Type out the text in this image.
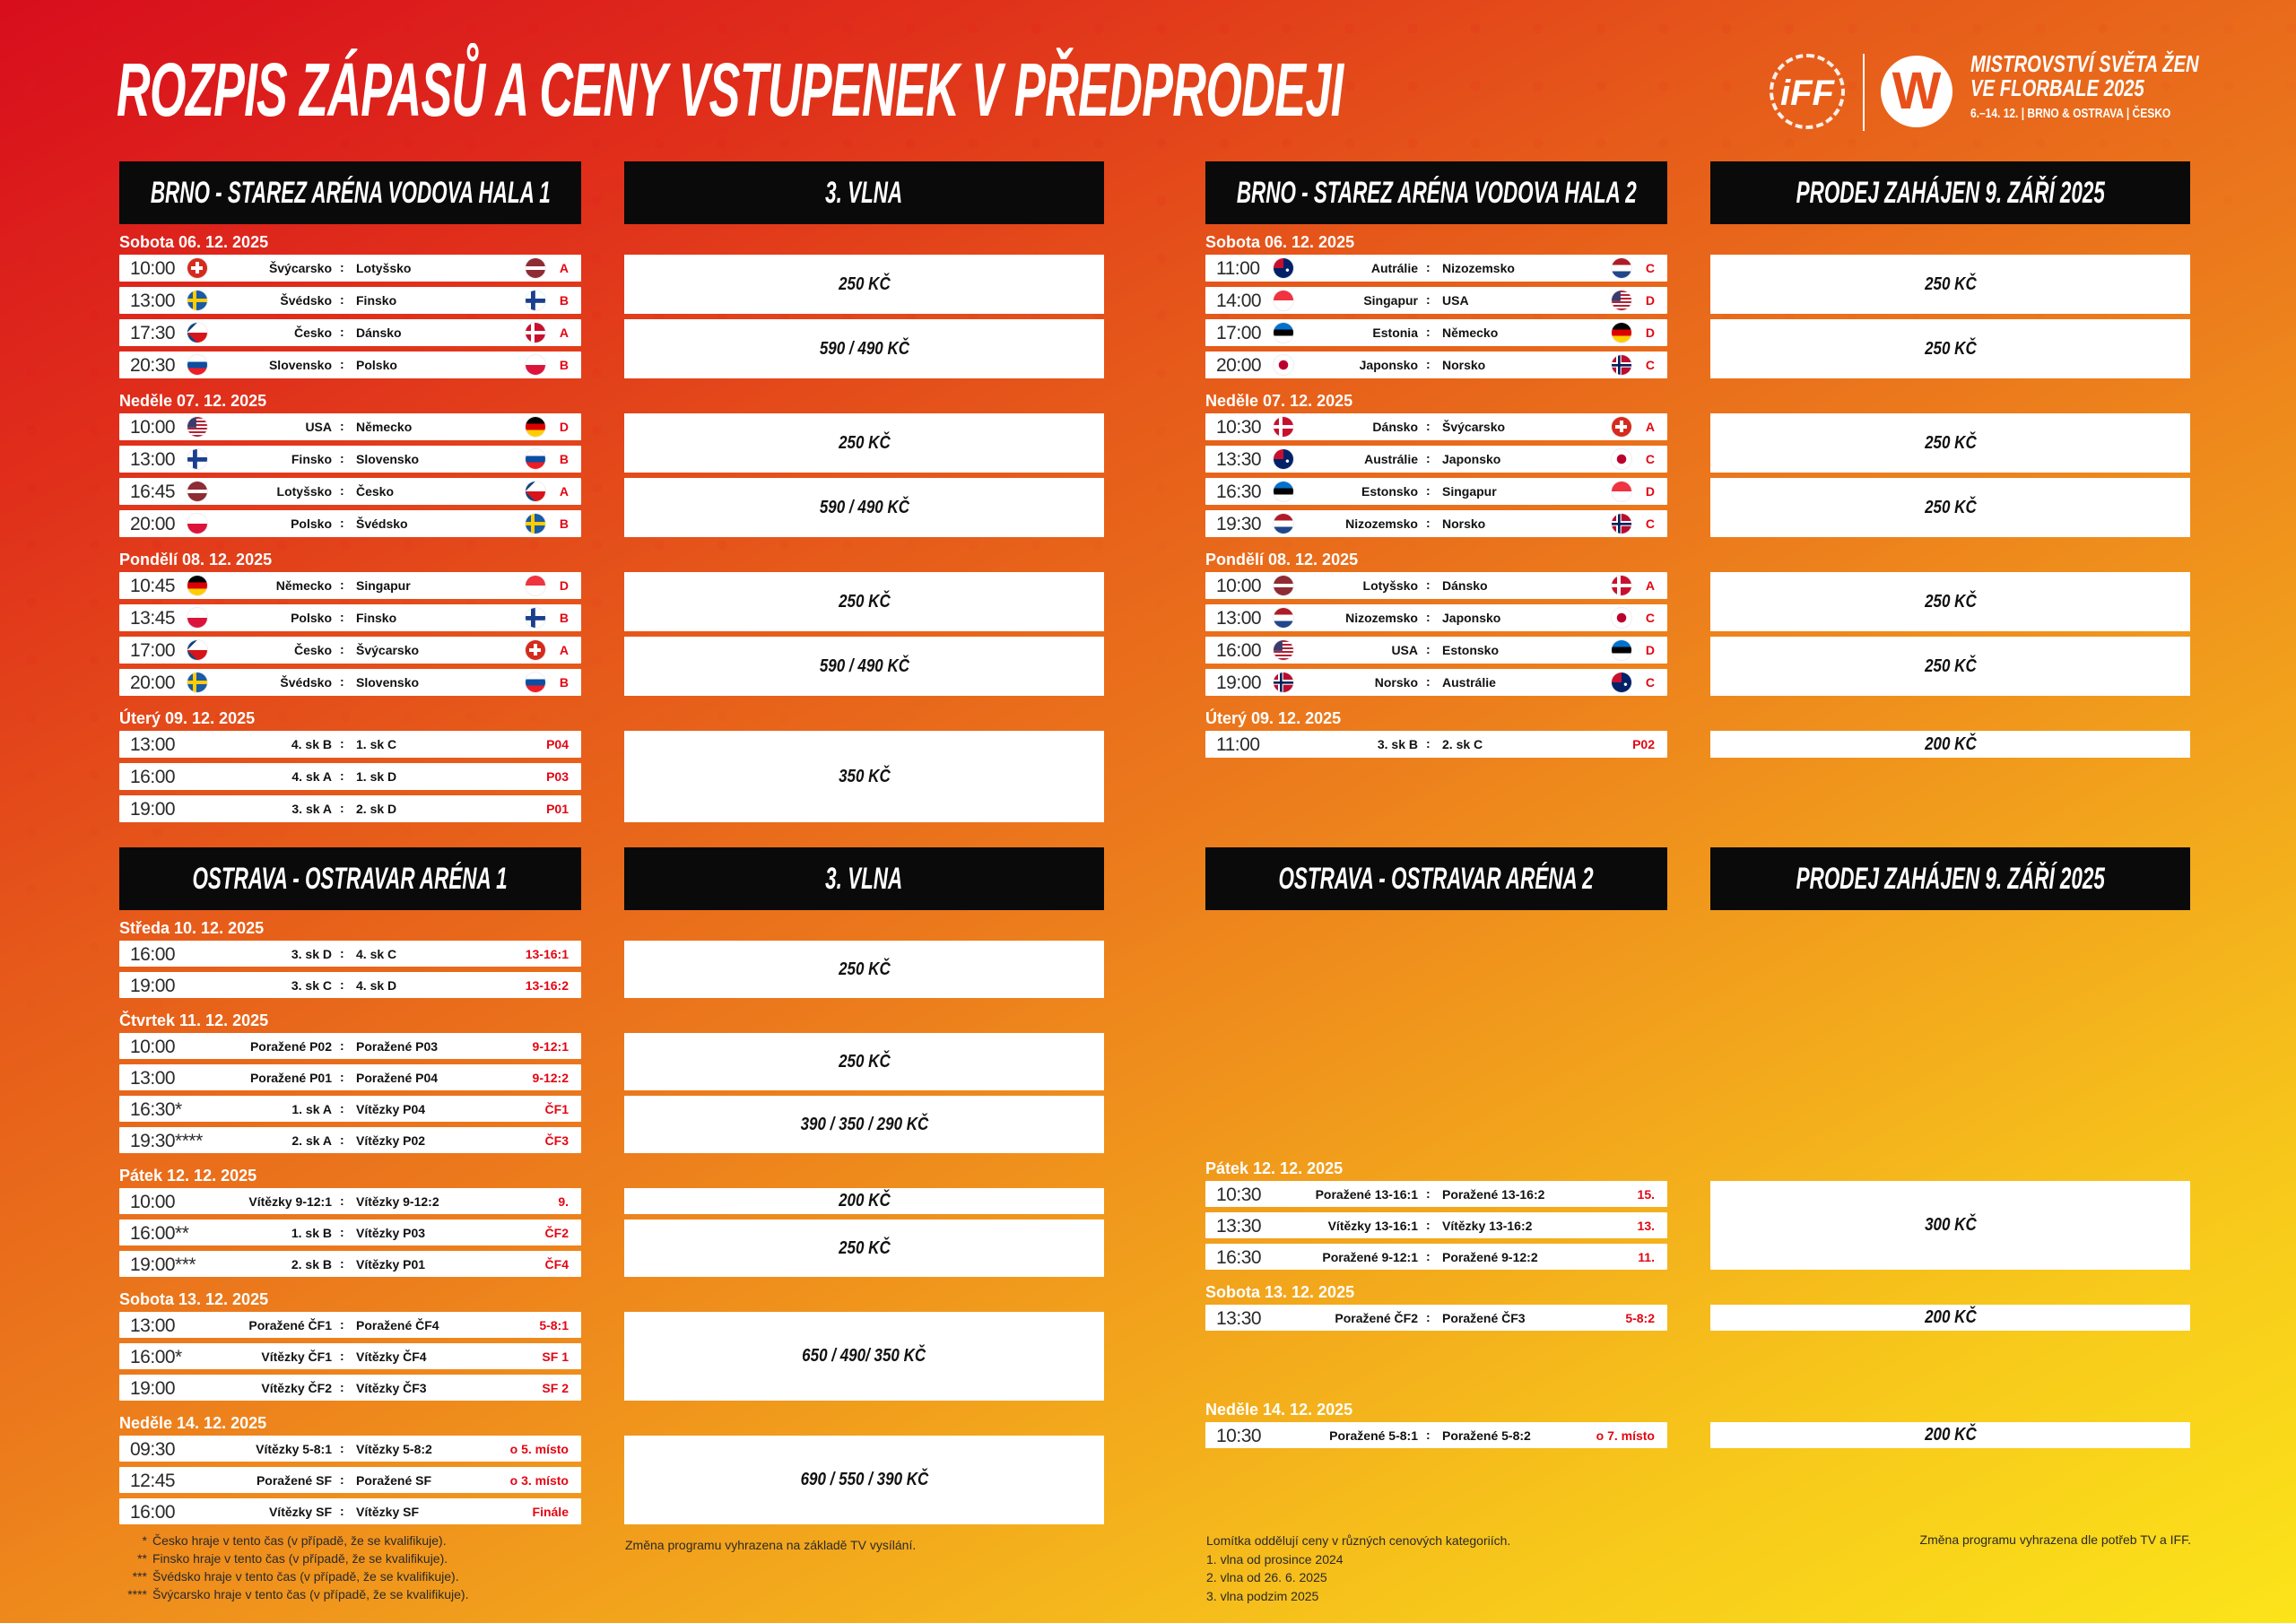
ROZPIS ZÁPASŮ A CENY VSTUPENEK V PŘEDPRODEJI	iFF W	MISTROVSTVÍ SVĚTA ŽEN
VE FLORBALE 2025
6.–14. 12. | BRNO & OSTRAVA | ČESKO
BRNO - STAREZ ARÉNA VODOVA HALA 1	3. VLNA
Sobota 06. 12. 2025
10:00	Švýcarsko : Lotyšsko	A
13:00	Švédsko : Finsko	B
17:30	Česko : Dánsko	A
20:30	Slovensko : Polsko	B
250 KČ
590 / 490 KČ
Neděle 07. 12. 2025
10:00	USA : Německo	D
13:00	Finsko : Slovensko	B
16:45	Lotyšsko : Česko	A
20:00	Polsko : Švédsko	B
250 KČ
590 / 490 KČ
Pondělí 08. 12. 2025
10:45	Německo : Singapur	D
13:45	Polsko : Finsko	B
17:00	Česko : Švýcarsko	A
20:00	Švédsko : Slovensko	B
250 KČ
590 / 490 KČ
Úterý 09. 12. 2025
13:00	4. sk B : 1. sk C	P04
16:00	4. sk A : 1. sk D	P03
19:00	3. sk A : 2. sk D	P01
350 KČ
BRNO - STAREZ ARÉNA VODOVA HALA 2	PRODEJ ZAHÁJEN 9. ZÁŘÍ 2025
Sobota 06. 12. 2025
11:00	Autrálie : Nizozemsko	C
14:00	Singapur : USA	D
17:00	Estonia : Německo	D
20:00	Japonsko : Norsko	C
250 KČ
250 KČ
Neděle 07. 12. 2025
10:30	Dánsko : Švýcarsko	A
13:30	Austrálie : Japonsko	C
16:30	Estonsko : Singapur	D
19:30	Nizozemsko : Norsko	C
250 KČ
250 KČ
Pondělí 08. 12. 2025
10:00	Lotyšsko : Dánsko	A
13:00	Nizozemsko : Japonsko	C
16:00	USA : Estonsko	D
19:00	Norsko : Austrálie	C
250 KČ
250 KČ
Úterý 09. 12. 2025
11:00	3. sk B : 2. sk C	P02	200 KČ
OSTRAVA - OSTRAVAR ARÉNA 1	3. VLNA
Středa 10. 12. 2025
16:00	3. sk D : 4. sk C	13-16:1
19:00	3. sk C : 4. sk D	13-16:2
250 KČ
Čtvrtek 11. 12. 2025
10:00	Poražené P02 : Poražené P03	9-12:1
13:00	Poražené P01 : Poražené P04	9-12:2
16:30*	1. sk A : Vítězky P04	ČF1
19:30****	2. sk A : Vítězky P02	ČF3
250 KČ
390 / 350 / 290 KČ
Pátek 12. 12. 2025
10:00	Vítězky 9-12:1 : Vítězky 9-12:2	9.
16:00**	1. sk B : Vítězky P03	ČF2
19:00***	2. sk B : Vítězky P01	ČF4
200 KČ
250 KČ
Sobota 13. 12. 2025
13:00	Poražené ČF1 : Poražené ČF4	5-8:1
16:00*	Vítězky ČF1 : Vítězky ČF4	SF 1
19:00	Vítězky ČF2 : Vítězky ČF3	SF 2
650 / 490/ 350 KČ
Neděle 14. 12. 2025
09:30	Vítězky 5-8:1 : Vítězky 5-8:2	o 5. místo
12:45	Poražené SF : Poražené SF	o 3. místo
16:00	Vítězky SF : Vítězky SF	Finále
690 / 550 / 390 KČ
OSTRAVA - OSTRAVAR ARÉNA 2	PRODEJ ZAHÁJEN 9. ZÁŘÍ 2025
Pátek 12. 12. 2025
10:30	Poražené 13-16:1 : Poražené 13-16:2	15.
13:30	Vítězky 13-16:1 : Vítězky 13-16:2	13.
16:30	Poražené 9-12:1 : Poražené 9-12:2	11.
300 KČ
Sobota 13. 12. 2025
13:30	Poražené ČF2 : Poražené ČF3	5-8:2	200 KČ
Neděle 14. 12. 2025
10:30	Poražené 5-8:1 : Poražené 5-8:2	o 7. místo	200 KČ
* Česko hraje v tento čas (v případě, že se kvalifikuje).
** Finsko hraje v tento čas (v případě, že se kvalifikuje).
*** Švédsko hraje v tento čas (v případě, že se kvalifikuje).
**** Švýcarsko hraje v tento čas (v případě, že se kvalifikuje).
Změna programu vyhrazena na základě TV vysílání.	Lomítka oddělují ceny v různých cenových kategoriích.
1. vlna od prosince 2024
2. vlna od 26. 6. 2025
3. vlna podzim 2025
Změna programu vyhrazena dle potřeb TV a IFF.
